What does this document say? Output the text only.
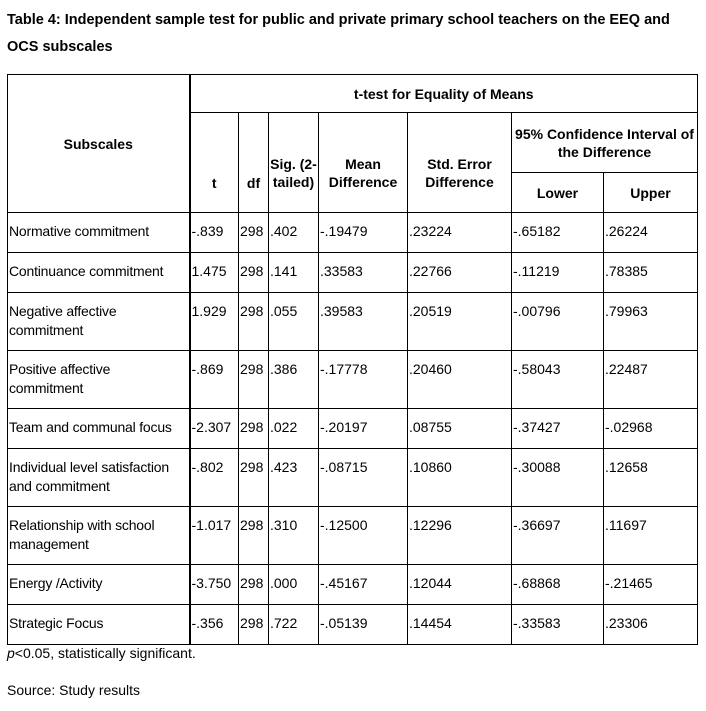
Table 4: Independent sample test for public and private primary school teachers on the EEQ and
OCS subscales
Subscales	t-test for Equality of Means						
	t	df	Sig. (2-tailed)	Mean Difference	Std. Error Difference	95% Confidence Interval of the Difference	
						Lower	Upper
Normative commitment	-.839	298	.402	-.19479	.23224	-.65182	.26224
Continuance commitment	1.475	298	.141	.33583	.22766	-.11219	.78385
Negative affective commitment	1.929	298	.055	.39583	.20519	-.00796	.79963
Positive affective commitment	-.869	298	.386	-.17778	.20460	-.58043	.22487
Team and communal focus	-2.307	298	.022	-.20197	.08755	-.37427	-.02968
Individual level satisfaction and commitment	-.802	298	.423	-.08715	.10860	-.30088	.12658
Relationship with school management	-1.017	298	.310	-.12500	.12296	-.36697	.11697
Energy /Activity	-3.750	298	.000	-.45167	.12044	-.68868	-.21465
Strategic Focus	-.356	298	.722	-.05139	.14454	-.33583	.23306
p<0.05, statistically significant.
Source: Study results
